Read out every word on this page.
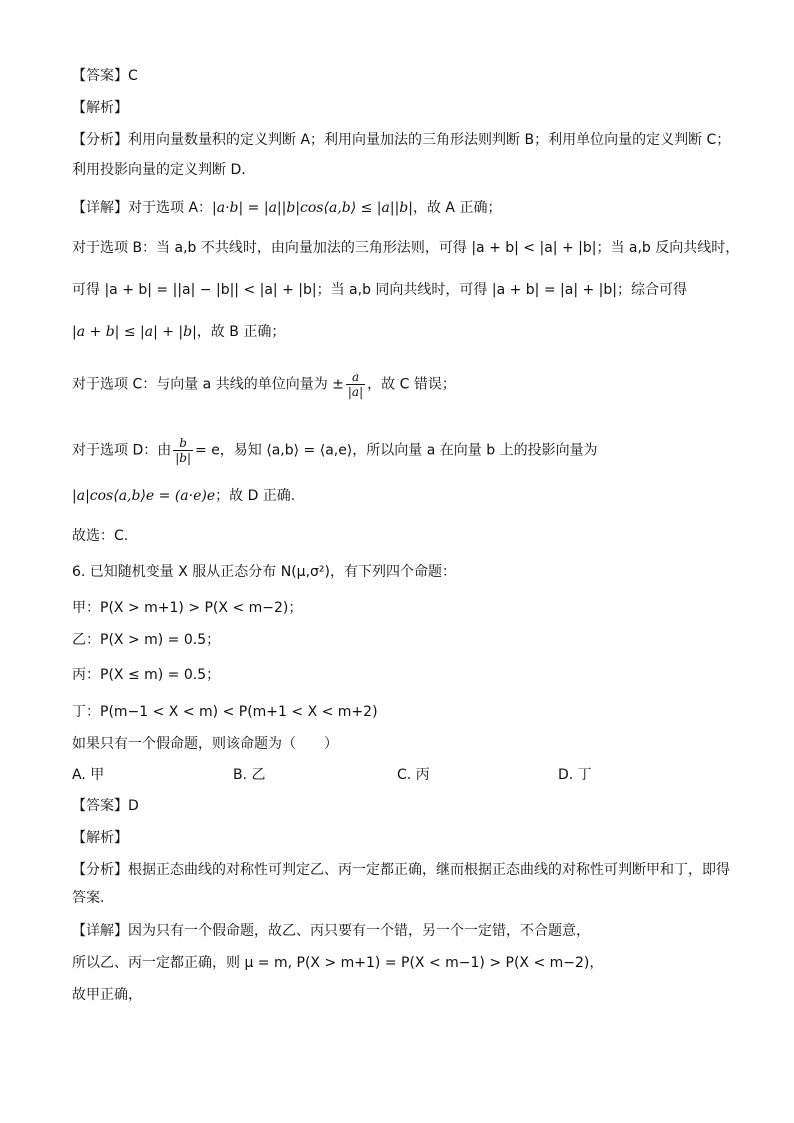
【答案】C
【解析】
【分析】利用向量数量积的定义判断 A；利用向量加法的三角形法则判断 B；利用单位向量的定义判断 C；
利用投影向量的定义判断 D.
【详解】对于选项 A：|a·b| = |a||b|cos⟨a,b⟩ ≤ |a||b|，故 A 正确；
对于选项 B：当 a,b 不共线时，由向量加法的三角形法则，可得 |a + b| < |a| + |b|；当 a,b 反向共线时，
可得 |a + b| = ||a| − |b|| < |a| + |b|；当 a,b 同向共线时，可得 |a + b| = |a| + |b|；综合可得
|a + b| ≤ |a| + |b|，故 B 正确；
对于选项 C：与向量 a 共线的单位向量为 ± $\frac{a}{|a|}$ ，故 C 错误；
对于选项 D：由 $\frac{b}{|b|} = e$，易知 ⟨a,b⟩ = ⟨a,e⟩，所以向量 a 在向量 b 上的投影向量为
|a|cos⟨a,b⟩e = (a·e)e；故 D 正确.
故选：C.
6. 已知随机变量 X 服从正态分布 N(μ,σ²)，有下列四个命题：
甲：P(X > m+1) > P(X < m−2)；
乙：P(X > m) = 0.5；
丙：P(X ≤ m) = 0.5；
丁：P(m−1 < X < m) < P(m+1 < X < m+2)
如果只有一个假命题，则该命题为（　　）
A. 甲	B. 乙	C. 丙	D. 丁
【答案】D
【解析】
【分析】根据正态曲线的对称性可判定乙、丙一定都正确，继而根据正态曲线的对称性可判断甲和丁，即得
答案.
【详解】因为只有一个假命题，故乙、丙只要有一个错，另一个一定错，不合题意，
所以乙、丙一定都正确，则 μ = m, P(X > m+1) = P(X < m−1) > P(X < m−2)，
故甲正确，
